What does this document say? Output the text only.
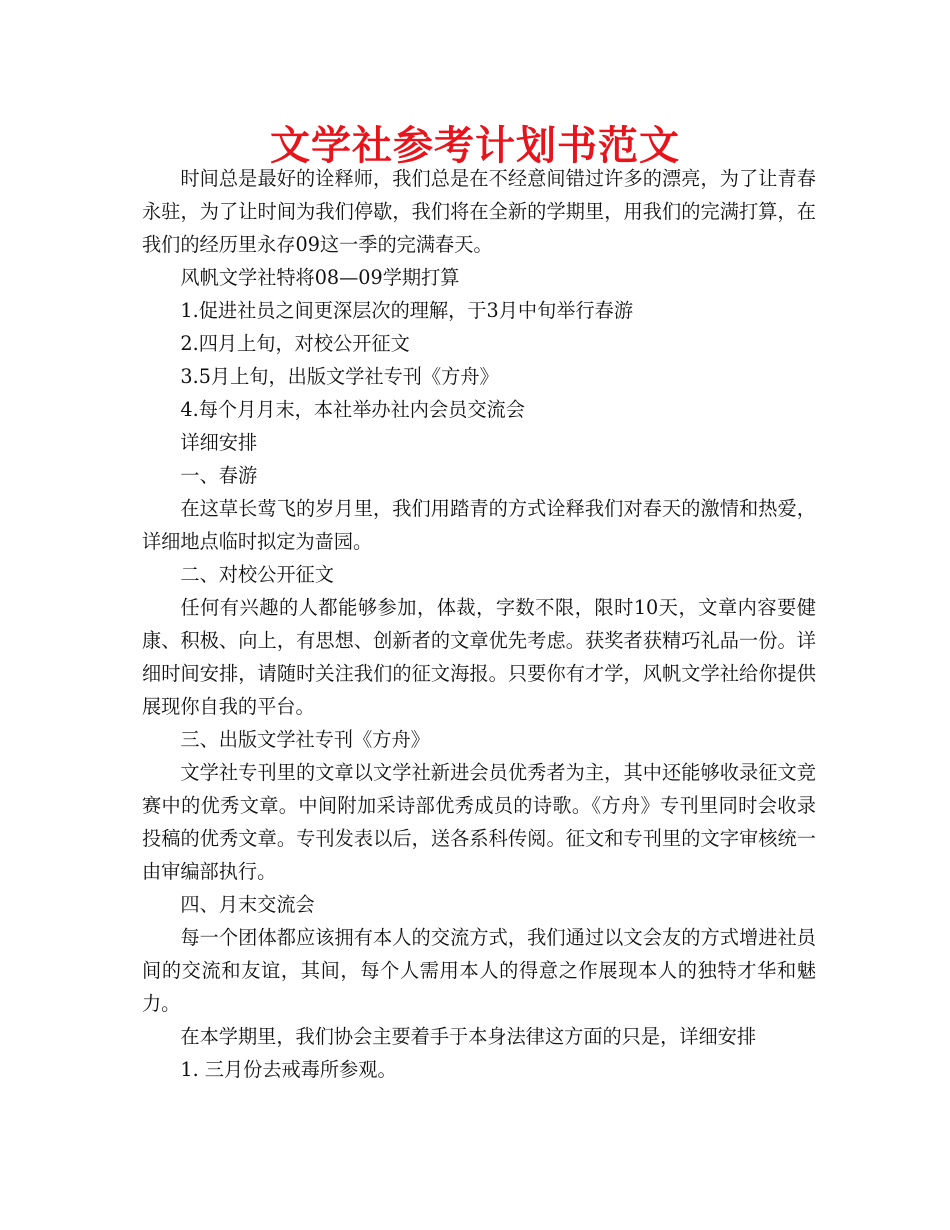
文学社参考计划书范文

时间总是最好的诠释师，我们总是在不经意间错过许多的漂亮，为了让青春永驻，为了让时间为我们停歇，我们将在全新的学期里，用我们的完满打算，在我们的经历里永存09这一季的完满春天。

风帆文学社特将08—09学期打算

1.促进社员之间更深层次的理解，于3月中旬举行春游

2.四月上旬，对校公开征文

3.5月上旬，出版文学社专刊《方舟》

4.每个月月末，本社举办社内会员交流会

详细安排

一、春游

在这草长莺飞的岁月里，我们用踏青的方式诠释我们对春天的激情和热爱，详细地点临时拟定为啬园。

二、对校公开征文

任何有兴趣的人都能够参加，体裁，字数不限，限时10天，文章内容要健康、积极、向上，有思想、创新者的文章优先考虑。获奖者获精巧礼品一份。详细时间安排，请随时关注我们的征文海报。只要你有才学，风帆文学社给你提供展现你自我的平台。

三、出版文学社专刊《方舟》

文学社专刊里的文章以文学社新进会员优秀者为主，其中还能够收录征文竞赛中的优秀文章。中间附加采诗部优秀成员的诗歌。《方舟》专刊里同时会收录投稿的优秀文章。专刊发表以后，送各系科传阅。征文和专刊里的文字审核统一由审编部执行。

四、月末交流会

每一个团体都应该拥有本人的交流方式，我们通过以文会友的方式增进社员间的交流和友谊，其间，每个人需用本人的得意之作展现本人的独特才华和魅力。

在本学期里，我们协会主要着手于本身法律这方面的只是，详细安排

1. 三月份去戒毒所参观。
